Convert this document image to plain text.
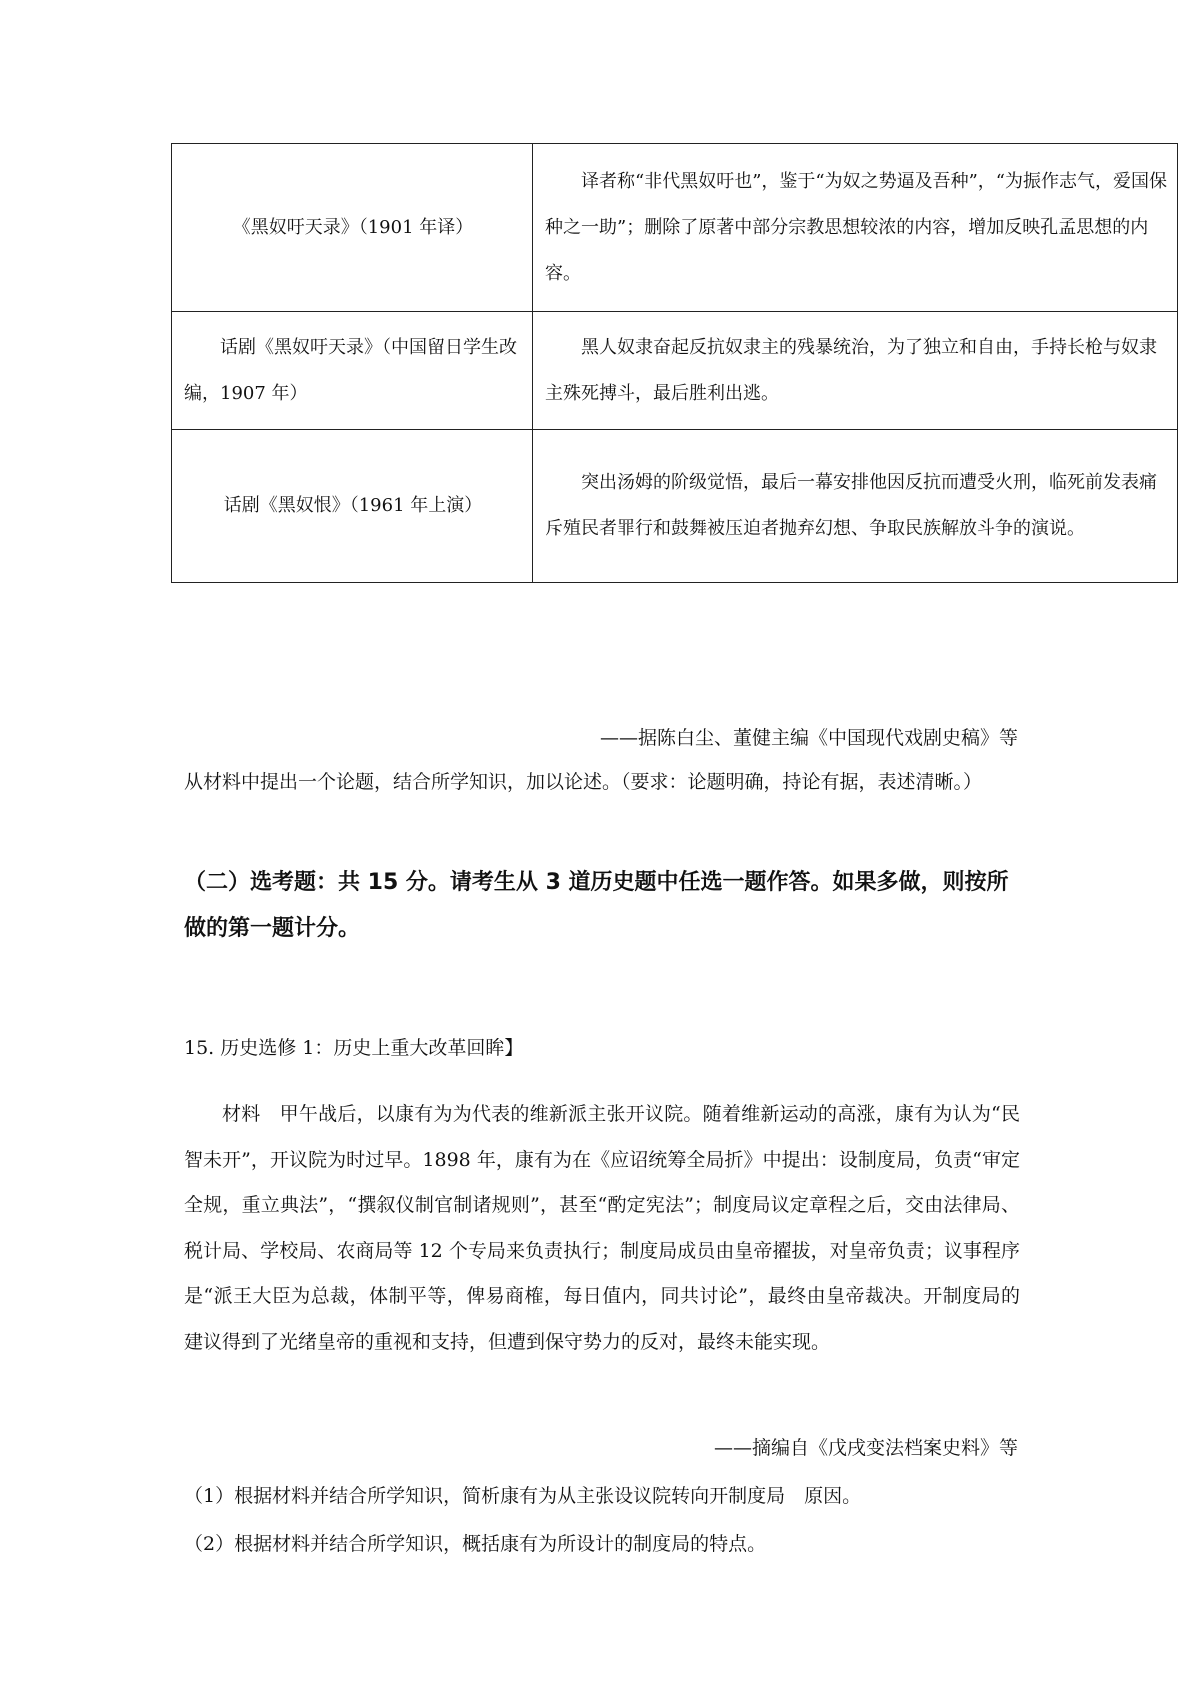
《黑奴吁天录》（1901 年译）	译者称“非代黑奴吁也”，鉴于“为奴之势逼及吾种”，“为振作志气，爱国保种之一助”；删除了原著中部分宗教思想较浓的内容，增加反映孔孟思想的内容。
话剧《黑奴吁天录》（中国留日学生改编，1907 年）	黑人奴隶奋起反抗奴隶主的残暴统治，为了独立和自由，手持长枪与奴隶主殊死搏斗，最后胜利出逃。
话剧《黑奴恨》（1961 年上演）	突出汤姆的阶级觉悟，最后一幕安排他因反抗而遭受火刑，临死前发表痛斥殖民者罪行和鼓舞被压迫者抛弃幻想、争取民族解放斗争的演说。
——据陈白尘、董健主编《中国现代戏剧史稿》等
从材料中提出一个论题，结合所学知识，加以论述。（要求：论题明确，持论有据，表述清晰。）
（二）选考题：共 15 分。请考生从 3 道历史题中任选一题作答。如果多做，则按所做的第一题计分。
15. 历史选修 1：历史上重大改革回眸】
材料　甲午战后，以康有为为代表的维新派主张开议院。随着维新运动的高涨，康有为认为“民智未开”，开议院为时过早。1898 年，康有为在《应诏统筹全局折》中提出：设制度局，负责“审定全规，重立典法”，“撰叙仪制官制诸规则”，甚至“酌定宪法”；制度局议定章程之后，交由法律局、税计局、学校局、农商局等 12 个专局来负责执行；制度局成员由皇帝擢拔，对皇帝负责；议事程序是“派王大臣为总裁，体制平等，俾易商榷，每日值内，同共讨论”，最终由皇帝裁决。开制度局的建议得到了光绪皇帝的重视和支持，但遭到保守势力的反对，最终未能实现。
——摘编自《戊戌变法档案史料》等
（1）根据材料并结合所学知识，简析康有为从主张设议院转向开制度局　原因。
（2）根据材料并结合所学知识，概括康有为所设计的制度局的特点。
